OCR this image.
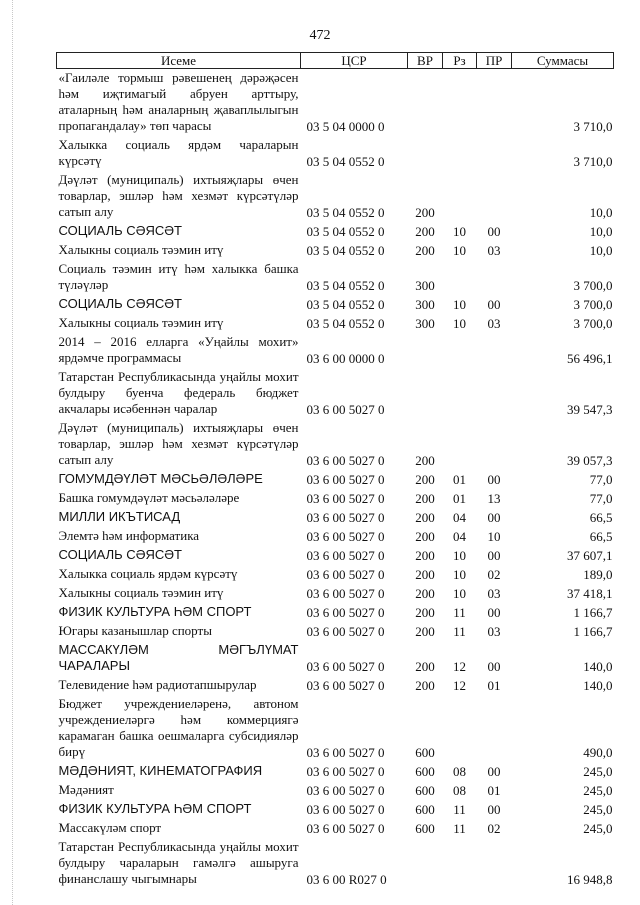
472
Исеме	ЦСР	ВР	Рз	ПР	Суммасы
«Гаиләле тормыш рәвешенең дәрәҗәсен һәм иҗтимагый абруен арттыру, аталарның һәм аналарның җаваплылыгын пропагандалау» төп чарасы	03 5 04 0000 0				3 710,0
Халыкка социаль ярдәм чараларын күрсәтү	03 5 04 0552 0				3 710,0
Дәүләт (муниципаль) ихтыяҗлары өчен товарлар, эшләр һәм хезмәт күрсәтүләр сатып алу	03 5 04 0552 0	200			10,0
СОЦИАЛЬ СӘЯСӘТ	03 5 04 0552 0	200	10	00	10,0
Халыкны социаль тәэмин итү	03 5 04 0552 0	200	10	03	10,0
Социаль тәэмин итү һәм халыкка башка түләүләр	03 5 04 0552 0	300			3 700,0
СОЦИАЛЬ СӘЯСӘТ	03 5 04 0552 0	300	10	00	3 700,0
Халыкны социаль тәэмин итү	03 5 04 0552 0	300	10	03	3 700,0
2014 – 2016 елларга «Уңайлы мохит» ярдәмче программасы	03 6 00 0000 0				56 496,1
Татарстан Республикасында уңайлы мохит булдыру буенча федераль бюджет акчалары исәбеннән чаралар	03 6 00 5027 0				39 547,3
Дәүләт (муниципаль) ихтыяҗлары өчен товарлар, эшләр һәм хезмәт күрсәтүләр сатып алу	03 6 00 5027 0	200			39 057,3
ГОМУМДӘҮЛӘТ МӘСЬӘЛӘЛӘРЕ	03 6 00 5027 0	200	01	00	77,0
Башка гомумдәүләт мәсьәләләре	03 6 00 5027 0	200	01	13	77,0
МИЛЛИ ИКЪТИСАД	03 6 00 5027 0	200	04	00	66,5
Элемтә һәм информатика	03 6 00 5027 0	200	04	10	66,5
СОЦИАЛЬ СӘЯСӘТ	03 6 00 5027 0	200	10	00	37 607,1
Халыкка социаль ярдәм күрсәтү	03 6 00 5027 0	200	10	02	189,0
Халыкны социаль тәэмин итү	03 6 00 5027 0	200	10	03	37 418,1
ФИЗИК КУЛЬТУРА ҺӘМ СПОРТ	03 6 00 5027 0	200	11	00	1 166,7
Югары казанышлар спорты	03 6 00 5027 0	200	11	03	1 166,7
МАССАКҮЛӘМ МӘГЪЛҮМАТ ЧАРАЛАРЫ	03 6 00 5027 0	200	12	00	140,0
Телевидение һәм радиотапшырулар	03 6 00 5027 0	200	12	01	140,0
Бюджет учреждениеләренә, автоном учреждениеләргә һәм коммерциягә карамаган башка оешмаларга субсидияләр бирү	03 6 00 5027 0	600			490,0
МӘДӘНИЯТ, КИНЕМАТОГРАФИЯ	03 6 00 5027 0	600	08	00	245,0
Мәдәният	03 6 00 5027 0	600	08	01	245,0
ФИЗИК КУЛЬТУРА ҺӘМ СПОРТ	03 6 00 5027 0	600	11	00	245,0
Массакүләм спорт	03 6 00 5027 0	600	11	02	245,0
Татарстан Республикасында уңайлы мохит булдыру чараларын гамәлгә ашыруга финанслашу чыгымнары	03 6 00 R027 0				16 948,8
